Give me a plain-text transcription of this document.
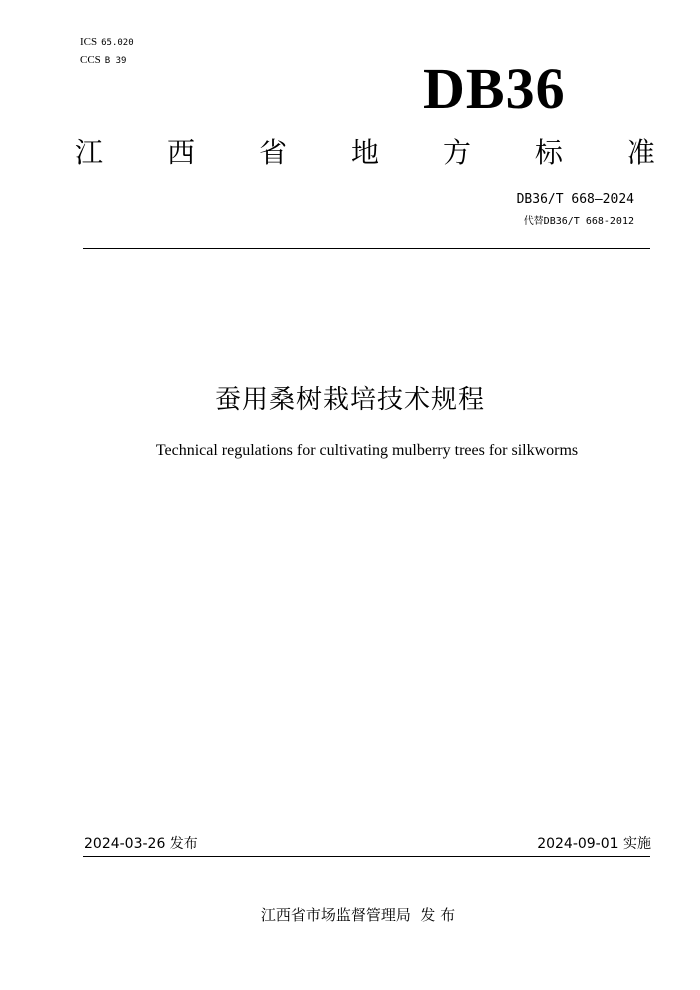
ICS 65.020
CCS B 39	DB36
江 西 省 地 方 标 准
DB36/T 668—2024
代替DB36/T 668-2012
蚕用桑树栽培技术规程
Technical regulations for cultivating mulberry trees for silkworms
2024-03-26 发布	2024-09-01 实施
江西省市场监督管理局  发 布
